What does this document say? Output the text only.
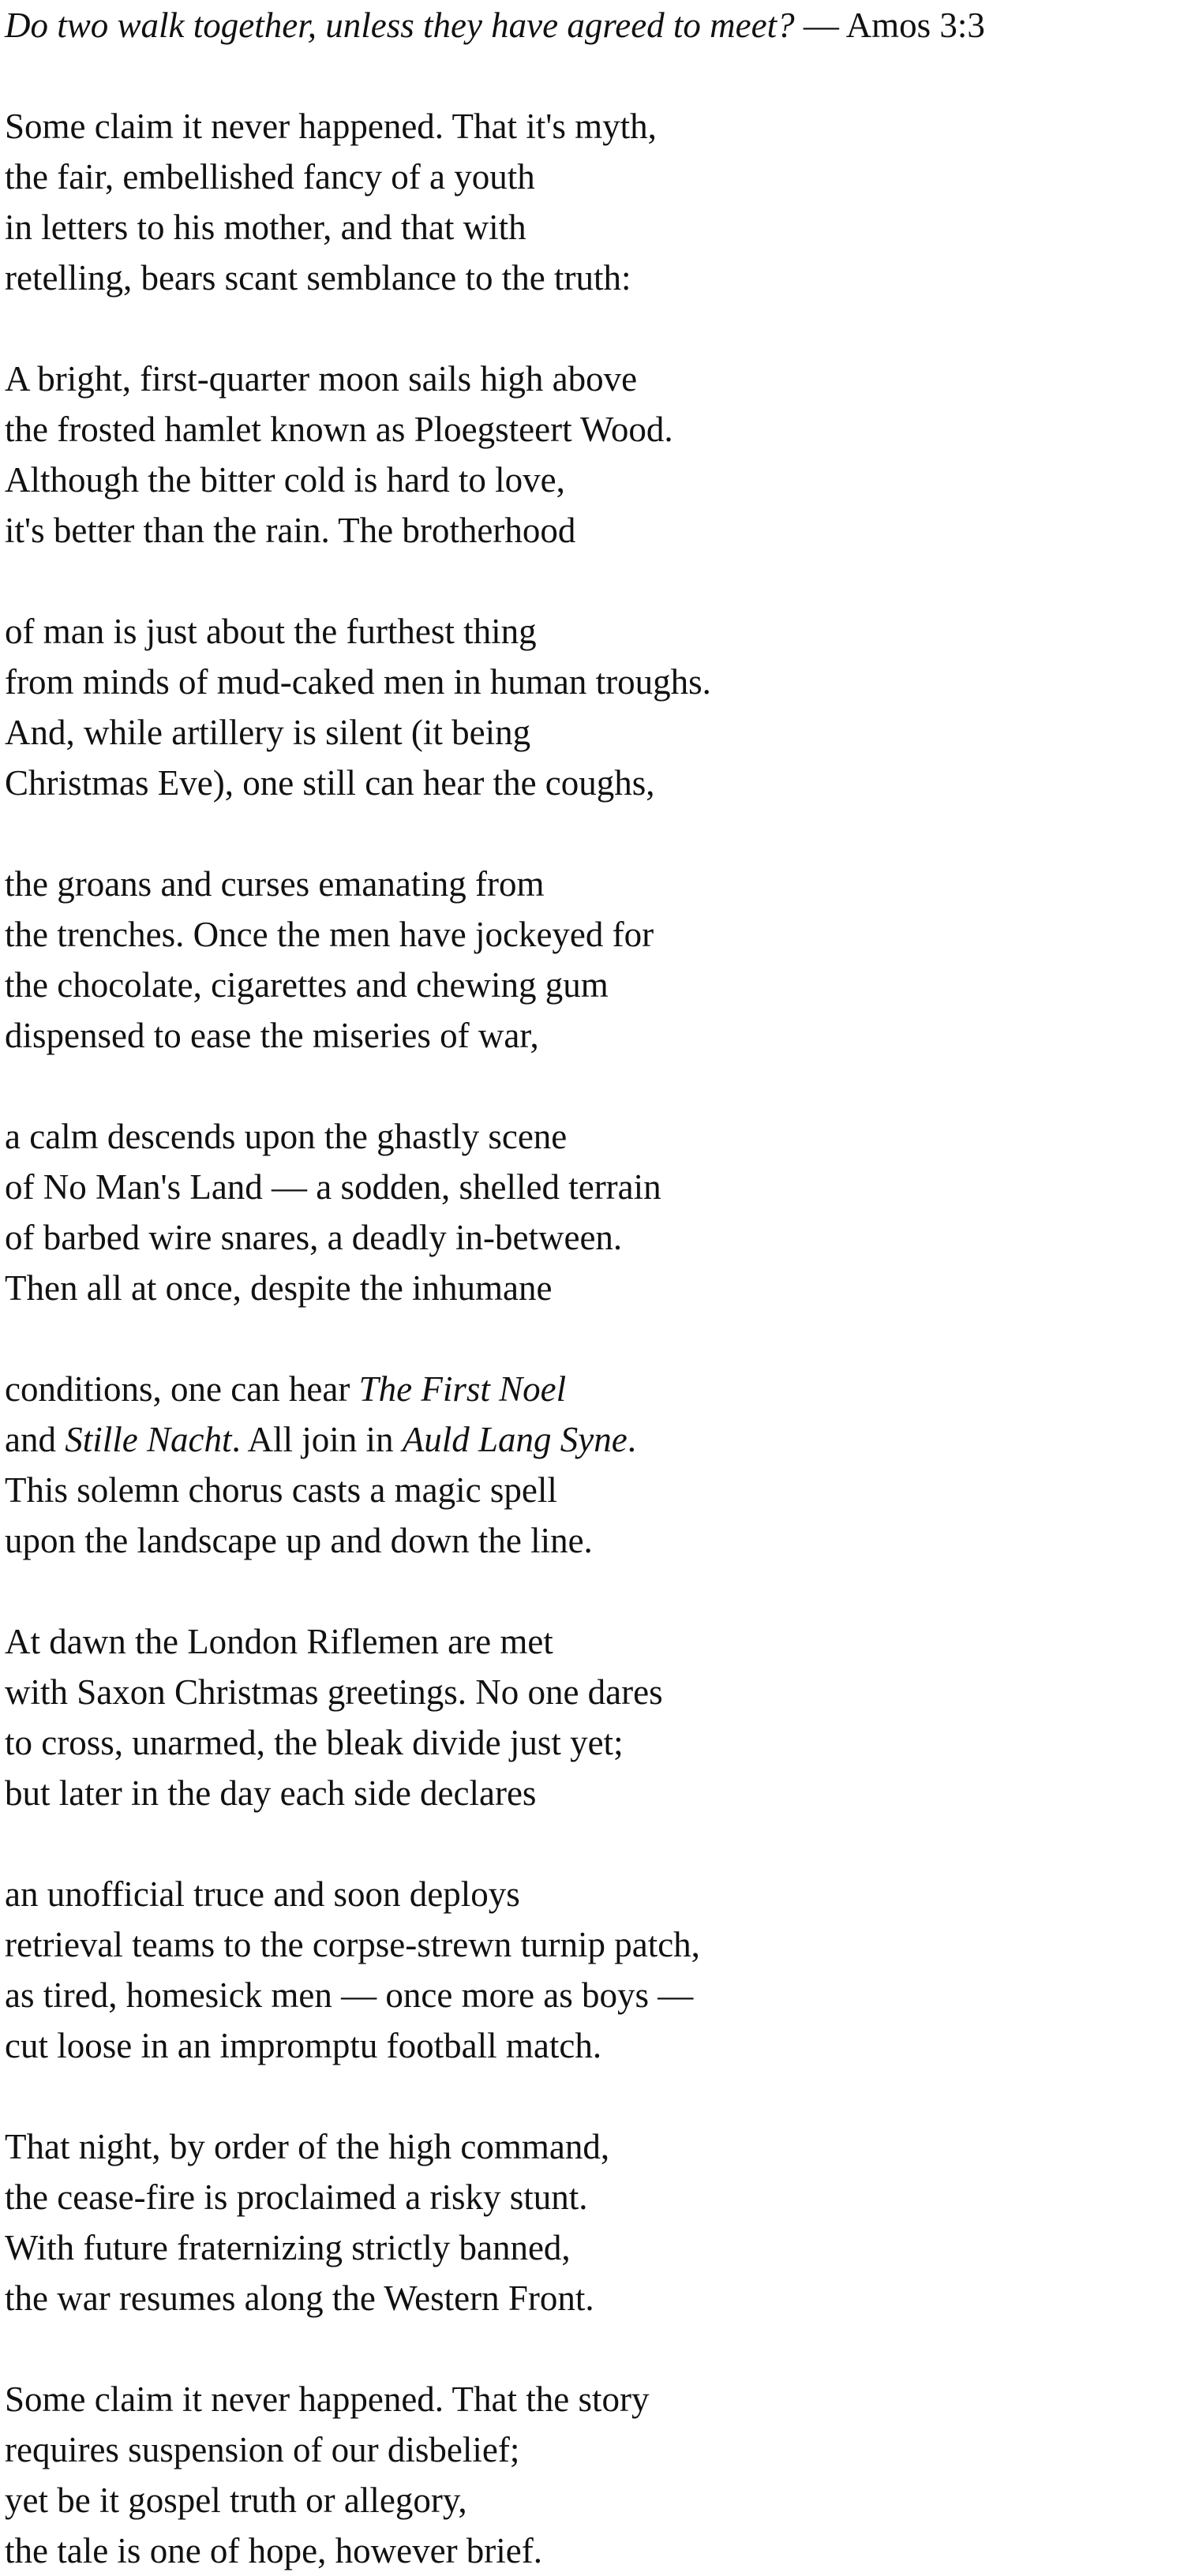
Do two walk together, unless they have agreed to meet? — Amos 3:3

Some claim it never happened. That it's myth,
the fair, embellished fancy of a youth
in letters to his mother, and that with
retelling, bears scant semblance to the truth:
A bright, first-quarter moon sails high above
the frosted hamlet known as Ploegsteert Wood.
Although the bitter cold is hard to love,
it's better than the rain. The brotherhood
of man is just about the furthest thing
from minds of mud-caked men in human troughs.
And, while artillery is silent (it being
Christmas Eve), one still can hear the coughs,
the groans and curses emanating from
the trenches. Once the men have jockeyed for
the chocolate, cigarettes and chewing gum
dispensed to ease the miseries of war,
a calm descends upon the ghastly scene
of No Man's Land — a sodden, shelled terrain
of barbed wire snares, a deadly in-between.
Then all at once, despite the inhumane
conditions, one can hear The First Noel
and Stille Nacht. All join in Auld Lang Syne.
This solemn chorus casts a magic spell
upon the landscape up and down the line.
At dawn the London Riflemen are met
with Saxon Christmas greetings. No one dares
to cross, unarmed, the bleak divide just yet;
but later in the day each side declares
an unofficial truce and soon deploys
retrieval teams to the corpse-strewn turnip patch,
as tired, homesick men — once more as boys —
cut loose in an impromptu football match.
That night, by order of the high command,
the cease-fire is proclaimed a risky stunt.
With future fraternizing strictly banned,
the war resumes along the Western Front.
Some claim it never happened. That the story
requires suspension of our disbelief;
yet be it gospel truth or allegory,
the tale is one of hope, however brief.
